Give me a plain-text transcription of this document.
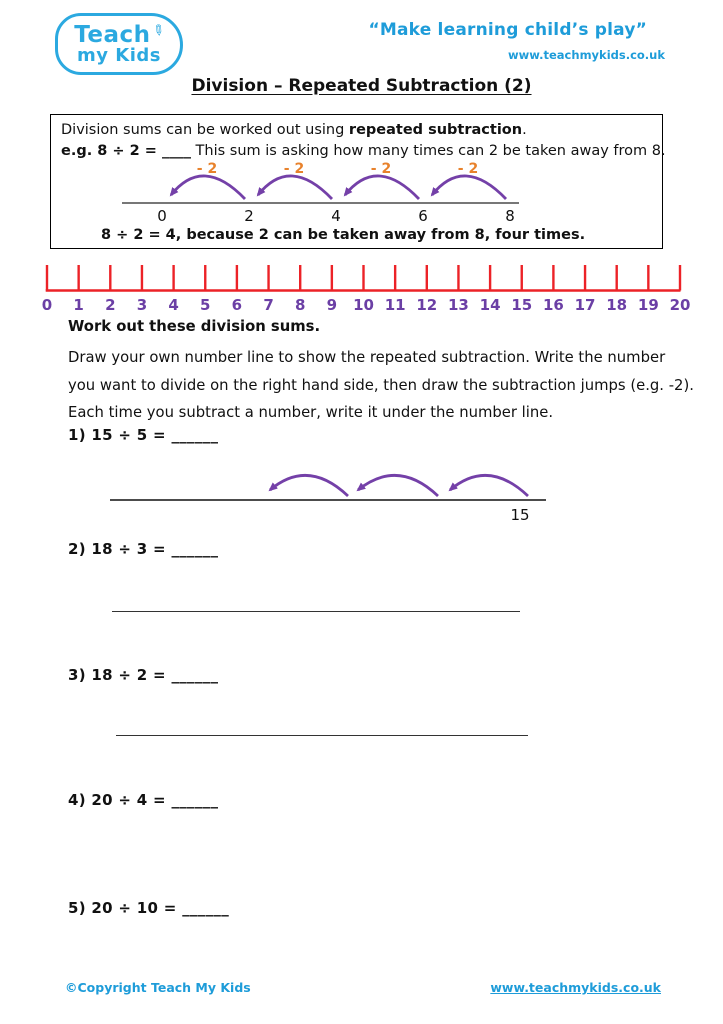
Teach
✎
my Kids
“Make learning child’s play”
www.teachmykids.co.uk
Division – Repeated Subtraction (2)
Division sums can be worked out using repeated subtraction.
e.g. 8 ÷ 2 = ____ This sum is asking how many times can 2 be taken away from 8.
- 2	- 2	- 2	- 2
0	2	4	6	8
8 ÷ 2 = 4, because 2 can be taken away from 8, four times.
0 1 2 3 4 5 6 7 8 9 10 11 12 13 14 15 16 17 18 19 20
Work out these division sums.
Draw your own number line to show the repeated subtraction. Write the number you want to divide on the right hand side, then draw the subtraction jumps (e.g. -2). Each time you subtract a number, write it under the number line.
1) 15 ÷ 5 = ______
15
2) 18 ÷ 3 = ______
3) 18 ÷ 2 = ______
4) 20 ÷ 4 = ______
5) 20 ÷ 10 = ______
©Copyright Teach My Kids	www.teachmykids.co.uk
